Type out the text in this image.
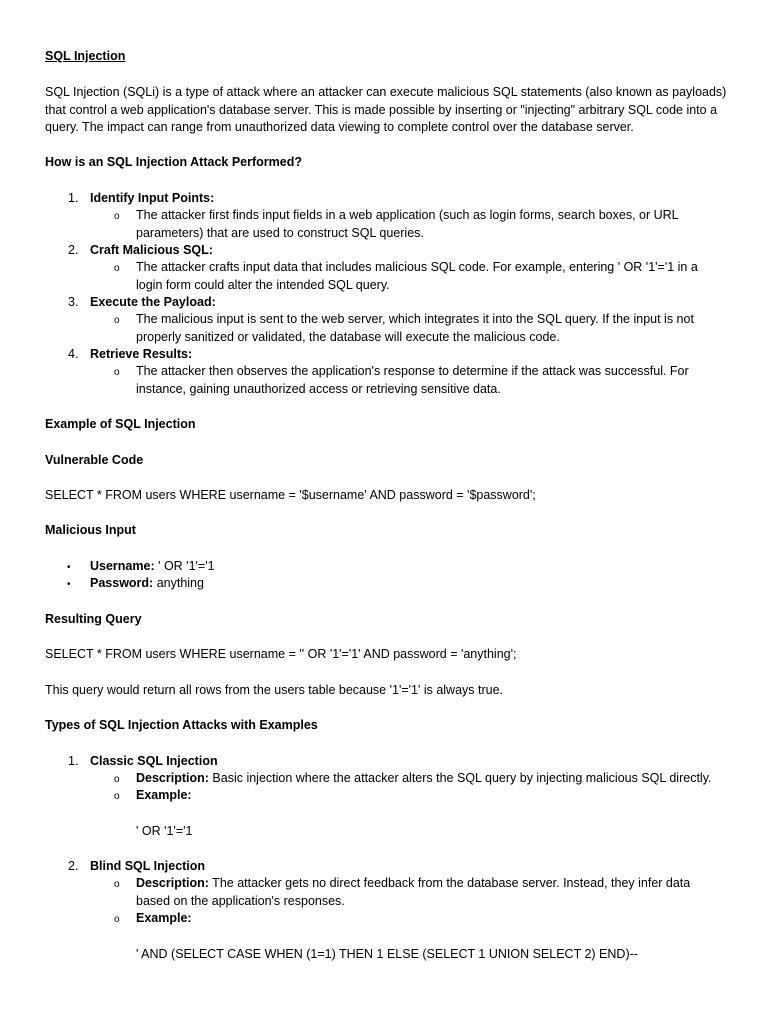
SQL Injection

SQL Injection (SQLi) is a type of attack where an attacker can execute malicious SQL statements (also known as payloads) that control a web application's database server. This is made possible by inserting or "injecting" arbitrary SQL code into a query. The impact can range from unauthorized data viewing to complete control over the database server.

How is an SQL Injection Attack Performed?
1. Identify Input Points:
o The attacker first finds input fields in a web application (such as login forms, search boxes, or URL parameters) that are used to construct SQL queries.

2. Craft Malicious SQL:
o The attacker crafts input data that includes malicious SQL code. For example, entering ' OR '1'='1 in a login form could alter the intended SQL query.

3. Execute the Payload:
o The malicious input is sent to the web server, which integrates it into the SQL query. If the input is not properly sanitized or validated, the database will execute the malicious code.

4. Retrieve Results:
o The attacker then observes the application's response to determine if the attack was successful. For instance, gaining unauthorized access or retrieving sensitive data.

Example of SQL Injection
Vulnerable Code
SELECT * FROM users WHERE username = '$username' AND password = '$password';
Malicious Input
• Username: ' OR '1'='1
• Password: anything
Resulting Query
SELECT * FROM users WHERE username = '' OR '1'='1' AND password = 'anything';
This query would return all rows from the users table because '1'='1' is always true.
Types of SQL Injection Attacks with Examples
1. Classic SQL Injection
o Description: Basic injection where the attacker alters the SQL query by injecting malicious SQL directly.
o Example:
' OR '1'='1
2. Blind SQL Injection
o Description: The attacker gets no direct feedback from the database server. Instead, they infer data based on the application's responses.

o Example:
' AND (SELECT CASE WHEN (1=1) THEN 1 ELSE (SELECT 1 UNION SELECT 2) END)--
